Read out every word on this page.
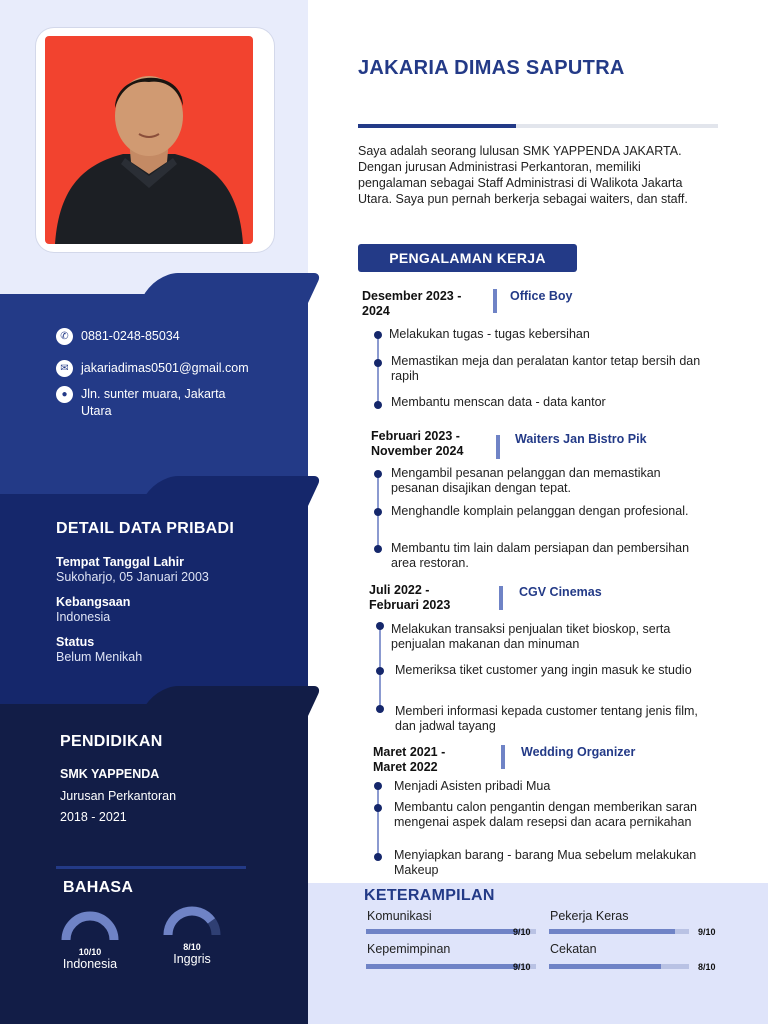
✆ 0881-0248-85034
✉ jakariadimas0501@gmail.com
●	Jln. sunter muara, Jakarta
Utara
DETAIL DATA PRIBADI
Tempat Tanggal Lahir
Sukoharjo, 05 Januari 2003
Kebangsaan
Indonesia
Status
Belum Menikah
PENDIDIKAN
SMK YAPPENDA
Jurusan Perkantoran
2018 - 2021
BAHASA
10/10
Indonesia
8/10
Inggris
JAKARIA DIMAS SAPUTRA
Saya adalah seorang lulusan SMK YAPPENDA JAKARTA. Dengan jurusan Administrasi Perkantoran, memiliki pengalaman sebagai Staff Administrasi di Walikota Jakarta Utara. Saya pun pernah berkerja sebagai waiters, dan staff.
PENGALAMAN KERJA
Desember 2023 -
2024
Office Boy
Melakukan tugas - tugas kebersihan
Memastikan meja dan peralatan kantor tetap bersih dan rapih
Membantu menscan data - data kantor
Februari 2023 -
November 2024
Waiters Jan Bistro Pik
Mengambil pesanan pelanggan dan memastikan pesanan disajikan dengan tepat.
Menghandle komplain pelanggan dengan profesional.
Membantu tim lain dalam persiapan dan pembersihan area restoran.
Juli 2022 -
Februari 2023
CGV Cinemas
Melakukan transaksi penjualan tiket bioskop, serta penjualan makanan dan minuman
Memeriksa tiket customer yang ingin masuk ke studio
Memberi informasi kepada customer tentang jenis film, dan jadwal tayang
Maret 2021 -
Maret 2022
Wedding Organizer
Menjadi Asisten pribadi Mua
Membantu calon pengantin dengan memberikan saran mengenai aspek dalam resepsi dan acara pernikahan
Menyiapkan barang - barang Mua sebelum melakukan Makeup
KETERAMPILAN
Komunikasi
9/10
Pekerja Keras
9/10
Kepemimpinan
9/10
Cekatan
8/10
